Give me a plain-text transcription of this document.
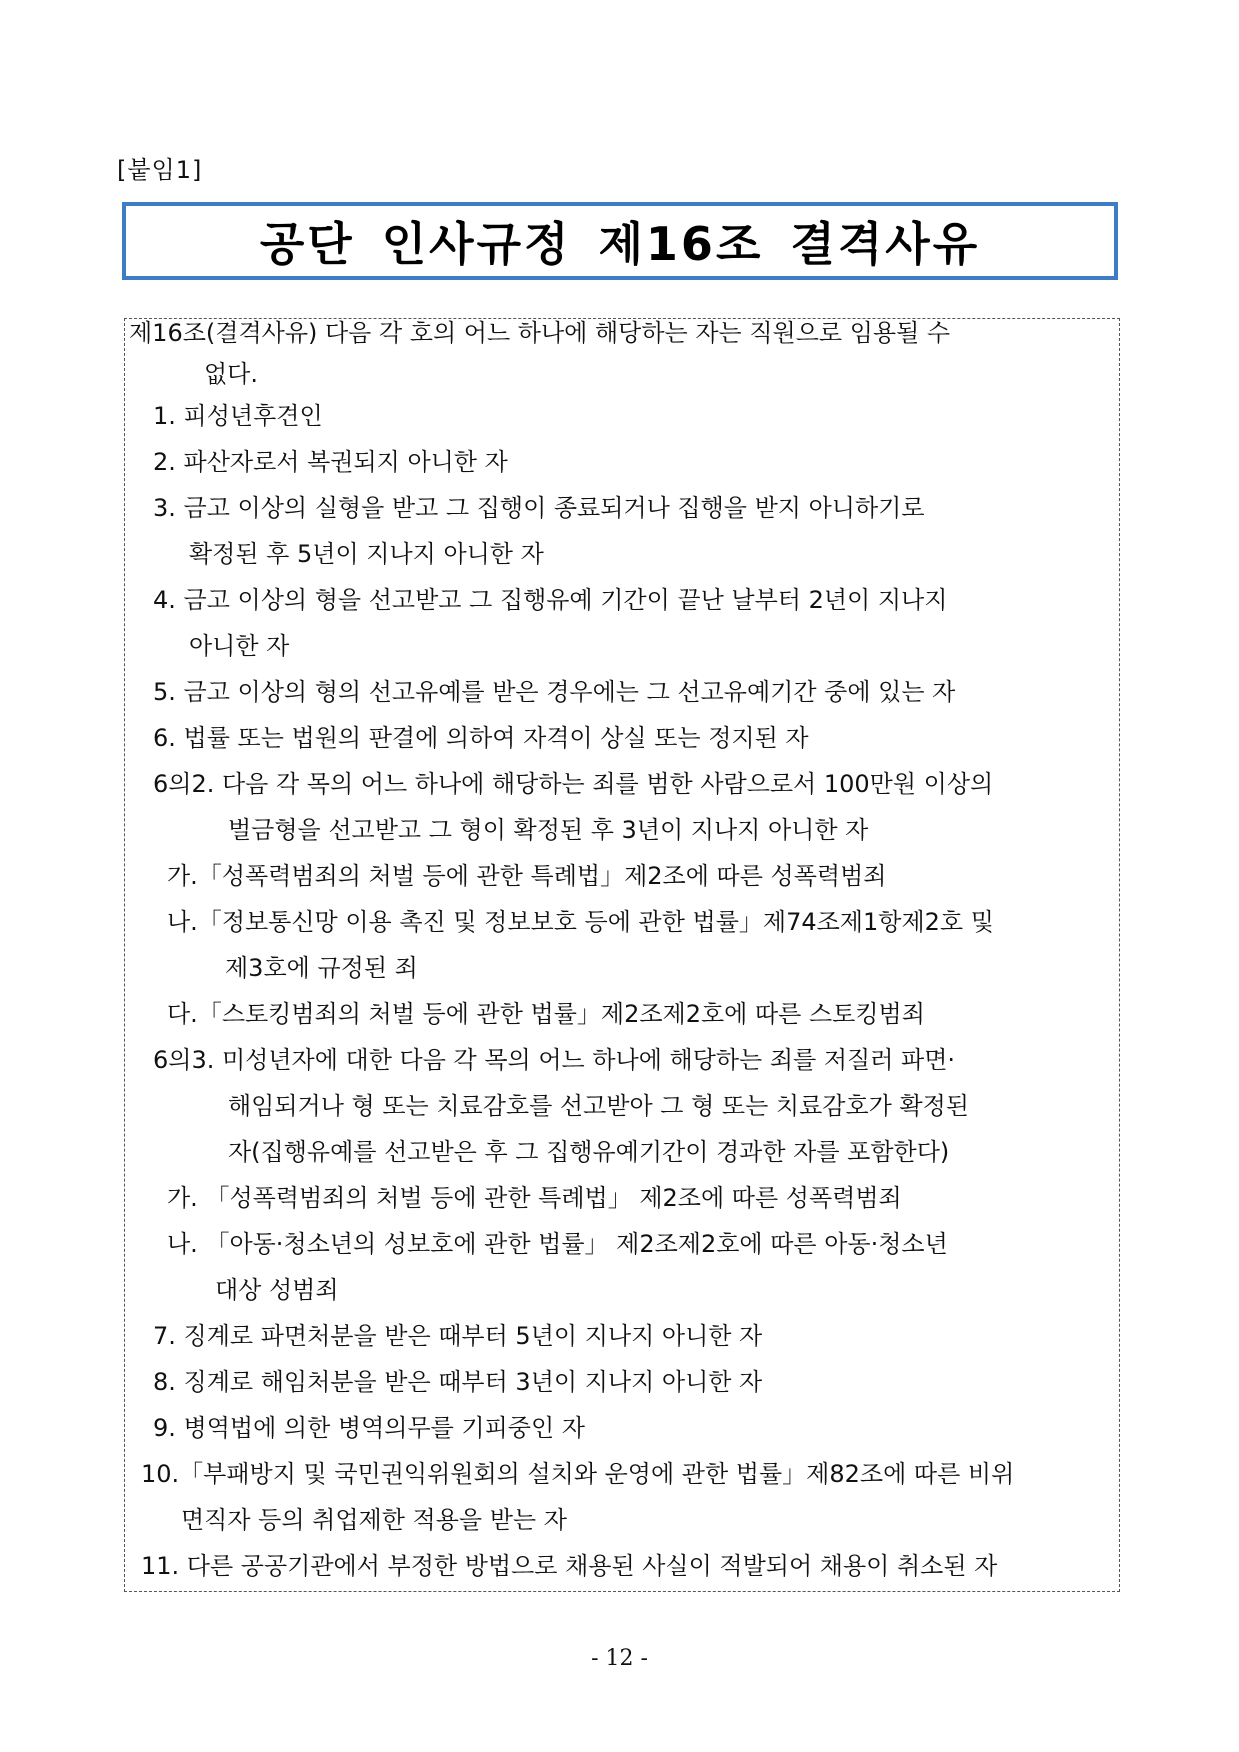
[붙임1]
공단 인사규정 제16조 결격사유
제16조(결격사유) 다음 각 호의 어느 하나에 해당하는 자는 직원으로 임용될 수
없다.
1. 피성년후견인
2. 파산자로서 복권되지 아니한 자
3. 금고 이상의 실형을 받고 그 집행이 종료되거나 집행을 받지 아니하기로
확정된 후 5년이 지나지 아니한 자
4. 금고 이상의 형을 선고받고 그 집행유예 기간이 끝난 날부터 2년이 지나지
아니한 자
5. 금고 이상의 형의 선고유예를 받은 경우에는 그 선고유예기간 중에 있는 자
6. 법률 또는 법원의 판결에 의하여 자격이 상실 또는 정지된 자
6의2. 다음 각 목의 어느 하나에 해당하는 죄를 범한 사람으로서 100만원 이상의
벌금형을 선고받고 그 형이 확정된 후 3년이 지나지 아니한 자
가.「성폭력범죄의 처벌 등에 관한 특례법」제2조에 따른 성폭력범죄
나.「정보통신망 이용 촉진 및 정보보호 등에 관한 법률」제74조제1항제2호 및
제3호에 규정된 죄
다.「스토킹범죄의 처벌 등에 관한 법률」제2조제2호에 따른 스토킹범죄
6의3. 미성년자에 대한 다음 각 목의 어느 하나에 해당하는 죄를 저질러 파면·
해임되거나 형 또는 치료감호를 선고받아 그 형 또는 치료감호가 확정된
자(집행유예를 선고받은 후 그 집행유예기간이 경과한 자를 포함한다)
가. 「성폭력범죄의 처벌 등에 관한 특례법」 제2조에 따른 성폭력범죄
나. 「아동·청소년의 성보호에 관한 법률」 제2조제2호에 따른 아동·청소년
대상 성범죄
7. 징계로 파면처분을 받은 때부터 5년이 지나지 아니한 자
8. 징계로 해임처분을 받은 때부터 3년이 지나지 아니한 자
9. 병역법에 의한 병역의무를 기피중인 자
10.「부패방지 및 국민권익위원회의 설치와 운영에 관한 법률」제82조에 따른 비위
면직자 등의 취업제한 적용을 받는 자
11. 다른 공공기관에서 부정한 방법으로 채용된 사실이 적발되어 채용이 취소된 자
- 12 -
